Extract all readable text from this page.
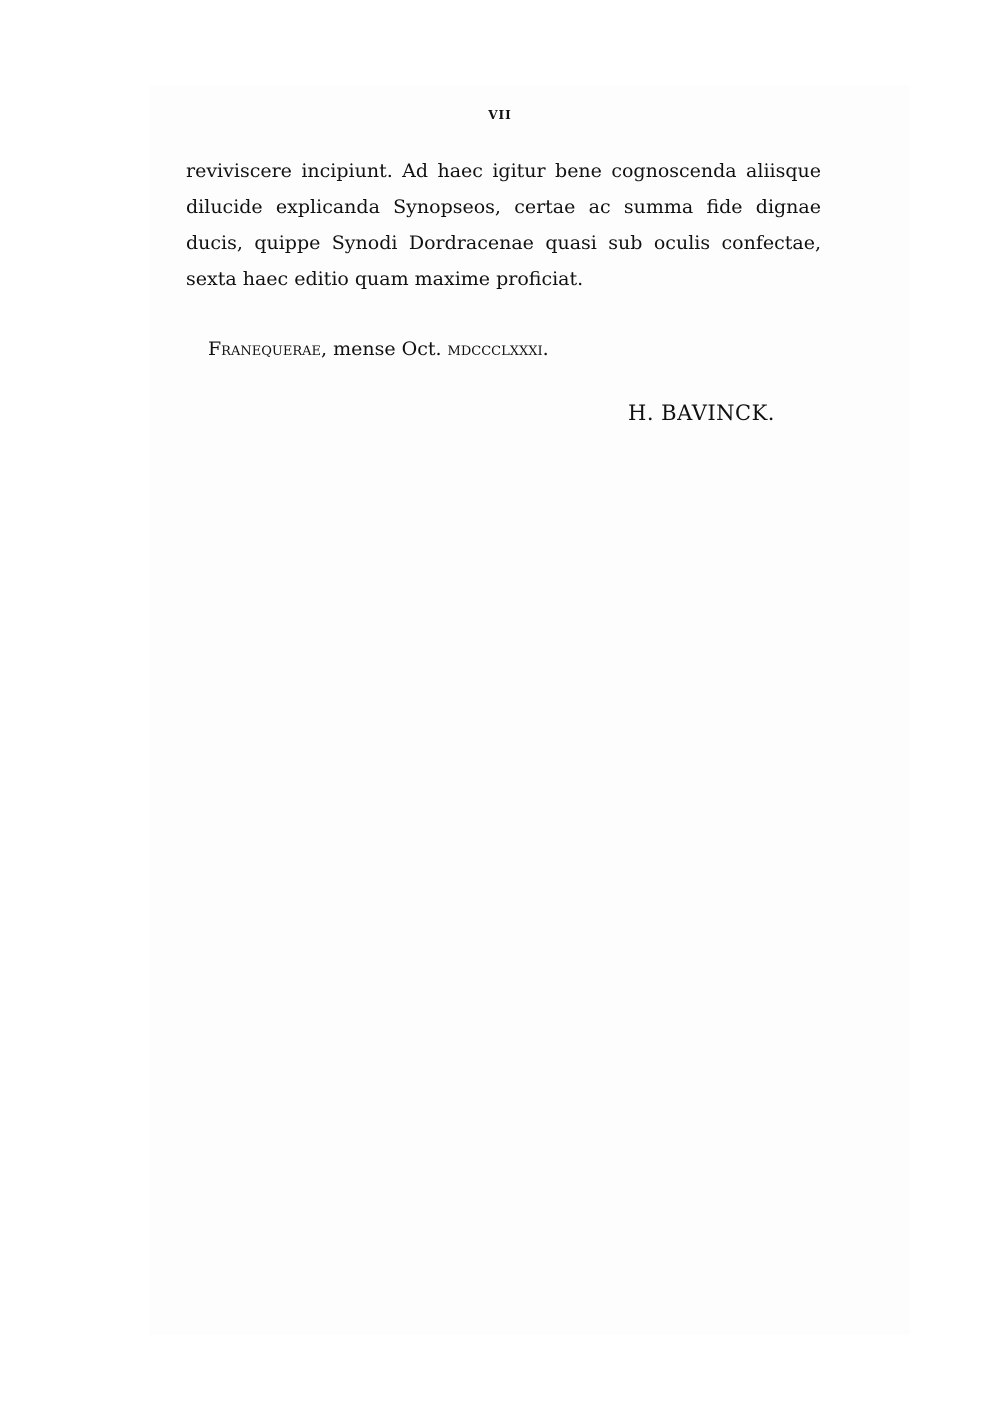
VII
reviviscere incipiunt. Ad haec igitur bene cognoscenda aliisque
dilucide explicanda Synopseos, certae ac summa fide dignae
ducis, quippe Synodi Dordracenae quasi sub oculis confectae,
sexta haec editio quam maxime proficiat.
Franequerae, mense Oct. mdccclxxxi.
H. BAVINCK.
